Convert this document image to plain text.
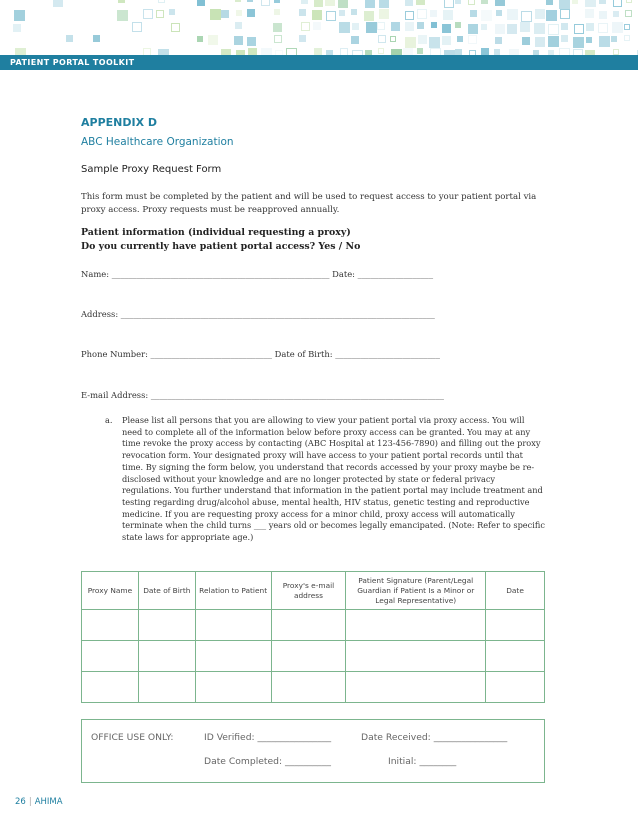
PATIENT PORTAL TOOLKIT
APPENDIX D
ABC Healthcare Organization
Sample Proxy Request Form
This form must be completed by the patient and will be used to request access to your patient portal via proxy access. Proxy requests must be reapproved annually.
Patient information (individual requesting a proxy)
Do you currently have patient portal access? Yes / No
Name: ____________________________________________________ Date: __________________
Address: ___________________________________________________________________________
Phone Number: _____________________________ Date of Birth: _________________________
E-mail Address: ______________________________________________________________________
a. Please list all persons that you are allowing to view your patient portal via proxy access. You will need to complete all of the information below before proxy access can be granted. You may at any time revoke the proxy access by contacting (ABC Hospital at 123-456-7890) and filling out the proxy revocation form. Your designated proxy will have access to your patient portal records until that time. By signing the form below, you understand that records accessed by your proxy maybe be re-disclosed without your knowledge and are no longer protected by state or federal privacy regulations. You further understand that information in the patient portal may include treatment and testing regarding drug/alcohol abuse, mental health, HIV status, genetic testing and reproductive medicine. If you are requesting proxy access for a minor child, proxy access will automatically terminate when the child turns ___ years old or becomes legally emancipated. (Note: Refer to specific state laws for appropriate age.)
Proxy Name	Date of Birth	Relation to Patient	Proxy's e-mail address	Patient Signature (Parent/Legal Guardian if Patient Is a Minor or Legal Representative)	Date

OFFICE USE ONLY:	ID Verified: ________________	Date Received: ________________
Date Completed: __________	Initial: ________
26 | AHIMA
